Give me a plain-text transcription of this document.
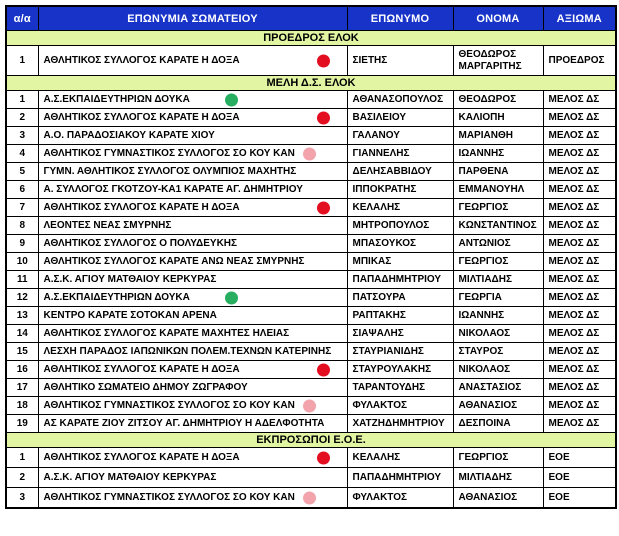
α/α	ΕΠΩΝΥΜΙΑ ΣΩΜΑΤΕΙΟΥ	ΕΠΩΝΥΜΟ	ΟΝΟΜΑ	ΑΞΙΩΜΑ
ΠΡΟΕΔΡΟΣ ΕΛΟΚ				
1	ΑΘΛΗΤΙΚΟΣ ΣΥΛΛΟΓΟΣ ΚΑΡΑΤΕ Η ΔΟΞΑ	ΣΙΕΤΗΣ	ΘΕΟΔΩΡΟΣ ΜΑΡΓΑΡΙΤΗΣ	ΠΡΟΕΔΡΟΣ
ΜΕΛΗ Δ.Σ. ΕΛΟΚ				
1	Α.Σ.ΕΚΠΑΙΔΕΥΤΗΡΙΩΝ ΔΟΥΚΑ	ΑΘΑΝΑΣΟΠΟΥΛΟΣ	ΘΕΟΔΩΡΟΣ	ΜΕΛΟΣ ΔΣ
2	ΑΘΛΗΤΙΚΟΣ ΣΥΛΛΟΓΟΣ ΚΑΡΑΤΕ Η ΔΟΞΑ	ΒΑΣΙΛΕΙΟΥ	ΚΑΛΙΟΠΗ	ΜΕΛΟΣ ΔΣ
3	Α.Ο. ΠΑΡΑΔΟΣΙΑΚΟΥ ΚΑΡΑΤΕ ΧΙΟΥ	ΓΑΛΑΝΟΥ	ΜΑΡΙΑΝΘΗ	ΜΕΛΟΣ ΔΣ
4	ΑΘΛΗΤΙΚΟΣ ΓΥΜΝΑΣΤΙΚΟΣ ΣΥΛΛΟΓΟΣ ΣΟ ΚΟΥ ΚΑΝ	ΓΙΑΝΝΕΛΗΣ	ΙΩΑΝΝΗΣ	ΜΕΛΟΣ ΔΣ
5	ΓΥΜΝ. ΑΘΛΗΤΙΚΟΣ ΣΥΛΛΟΓΟΣ ΟΛΥΜΠΙΟΣ ΜΑΧΗΤΗΣ	ΔΕΛΗΣΑΒΒΙΔΟΥ	ΠΑΡΘΕΝΑ	ΜΕΛΟΣ ΔΣ
6	Α. ΣΥΛΛΟΓΟΣ ΓΚΟΤΖΟΥ-ΚΑ1 ΚΑΡΑΤΕ ΑΓ. ΔΗΜΗΤΡΙΟΥ	ΙΠΠΟΚΡΑΤΗΣ	ΕΜΜΑΝΟΥΗΛ	ΜΕΛΟΣ ΔΣ
7	ΑΘΛΗΤΙΚΟΣ ΣΥΛΛΟΓΟΣ ΚΑΡΑΤΕ Η ΔΟΞΑ	ΚΕΛΑΛΗΣ	ΓΕΩΡΓΙΟΣ	ΜΕΛΟΣ ΔΣ
8	ΛΕΟΝΤΕΣ ΝΕΑΣ ΣΜΥΡΝΗΣ	ΜΗΤΡΟΠΟΥΛΟΣ	ΚΩΝΣΤΑΝΤΙΝΟΣ	ΜΕΛΟΣ ΔΣ
9	ΑΘΛΗΤΙΚΟΣ ΣΥΛΛΟΓΟΣ Ο ΠΟΛΥΔΕΥΚΗΣ	ΜΠΑΣΟΥΚΟΣ	ΑΝΤΩΝΙΟΣ	ΜΕΛΟΣ ΔΣ
10	ΑΘΛΗΤΙΚΟΣ ΣΥΛΛΟΓΟΣ ΚΑΡΑΤΕ ΑΝΩ ΝΕΑΣ ΣΜΥΡΝΗΣ	ΜΠΙΚΑΣ	ΓΕΩΡΓΙΟΣ	ΜΕΛΟΣ ΔΣ
11	Α.Σ.Κ. ΑΓΙΟΥ ΜΑΤΘΑΙΟΥ ΚΕΡΚΥΡΑΣ	ΠΑΠΑΔΗΜΗΤΡΙΟΥ	ΜΙΛΤΙΑΔΗΣ	ΜΕΛΟΣ ΔΣ
12	Α.Σ.ΕΚΠΑΙΔΕΥΤΗΡΙΩΝ ΔΟΥΚΑ	ΠΑΤΣΟΥΡΑ	ΓΕΩΡΓΙΑ	ΜΕΛΟΣ ΔΣ
13	ΚΕΝΤΡΟ ΚΑΡΑΤΕ ΣΟΤΟΚΑΝ ΑΡΕΝΑ	ΡΑΠΤΑΚΗΣ	ΙΩΑΝΝΗΣ	ΜΕΛΟΣ ΔΣ
14	ΑΘΛΗΤΙΚΟΣ ΣΥΛΛΟΓΟΣ ΚΑΡΑΤΕ ΜΑΧΗΤΕΣ ΗΛΕΙΑΣ	ΣΙΑΨΑΛΗΣ	ΝΙΚΟΛΑΟΣ	ΜΕΛΟΣ ΔΣ
15	ΛΕΣΧΗ ΠΑΡΑΔΟΣ ΙΑΠΩΝΙΚΩΝ ΠΟΛΕΜ.ΤΕΧΝΩΝ ΚΑΤΕΡΙΝΗΣ	ΣΤΑΥΡΙΑΝΙΔΗΣ	ΣΤΑΥΡΟΣ	ΜΕΛΟΣ ΔΣ
16	ΑΘΛΗΤΙΚΟΣ ΣΥΛΛΟΓΟΣ ΚΑΡΑΤΕ Η ΔΟΞΑ	ΣΤΑΥΡΟΥΛΑΚΗΣ	ΝΙΚΟΛΑΟΣ	ΜΕΛΟΣ ΔΣ
17	ΑΘΛΗΤΙΚΟ ΣΩΜΑΤΕΙΟ ΔΗΜΟΥ ΖΩΓΡΑΦΟΥ	ΤΑΡΑΝΤΟΥΔΗΣ	ΑΝΑΣΤΑΣΙΟΣ	ΜΕΛΟΣ ΔΣ
18	ΑΘΛΗΤΙΚΟΣ ΓΥΜΝΑΣΤΙΚΟΣ ΣΥΛΛΟΓΟΣ ΣΟ ΚΟΥ ΚΑΝ	ΦΥΛΑΚΤΟΣ	ΑΘΑΝΑΣΙΟΣ	ΜΕΛΟΣ ΔΣ
19	ΑΣ ΚΑΡΑΤΕ ΖΙΟΥ ΖΙΤΣΟΥ ΑΓ. ΔΗΜΗΤΡΙΟΥ Η ΑΔΕΛΦΟΤΗΤΑ	ΧΑΤΖΗΔΗΜΗΤΡΙΟΥ	ΔΕΣΠΟΙΝΑ	ΜΕΛΟΣ ΔΣ
ΕΚΠΡΟΣΩΠΟΙ Ε.Ο.Ε.				
1	ΑΘΛΗΤΙΚΟΣ ΣΥΛΛΟΓΟΣ ΚΑΡΑΤΕ Η ΔΟΞΑ	ΚΕΛΑΛΗΣ	ΓΕΩΡΓΙΟΣ	ΕΟΕ
2	Α.Σ.Κ. ΑΓΙΟΥ ΜΑΤΘΑΙΟΥ ΚΕΡΚΥΡΑΣ	ΠΑΠΑΔΗΜΗΤΡΙΟΥ	ΜΙΛΤΙΑΔΗΣ	ΕΟΕ
3	ΑΘΛΗΤΙΚΟΣ ΓΥΜΝΑΣΤΙΚΟΣ ΣΥΛΛΟΓΟΣ ΣΟ ΚΟΥ ΚΑΝ	ΦΥΛΑΚΤΟΣ	ΑΘΑΝΑΣΙΟΣ	ΕΟΕ
